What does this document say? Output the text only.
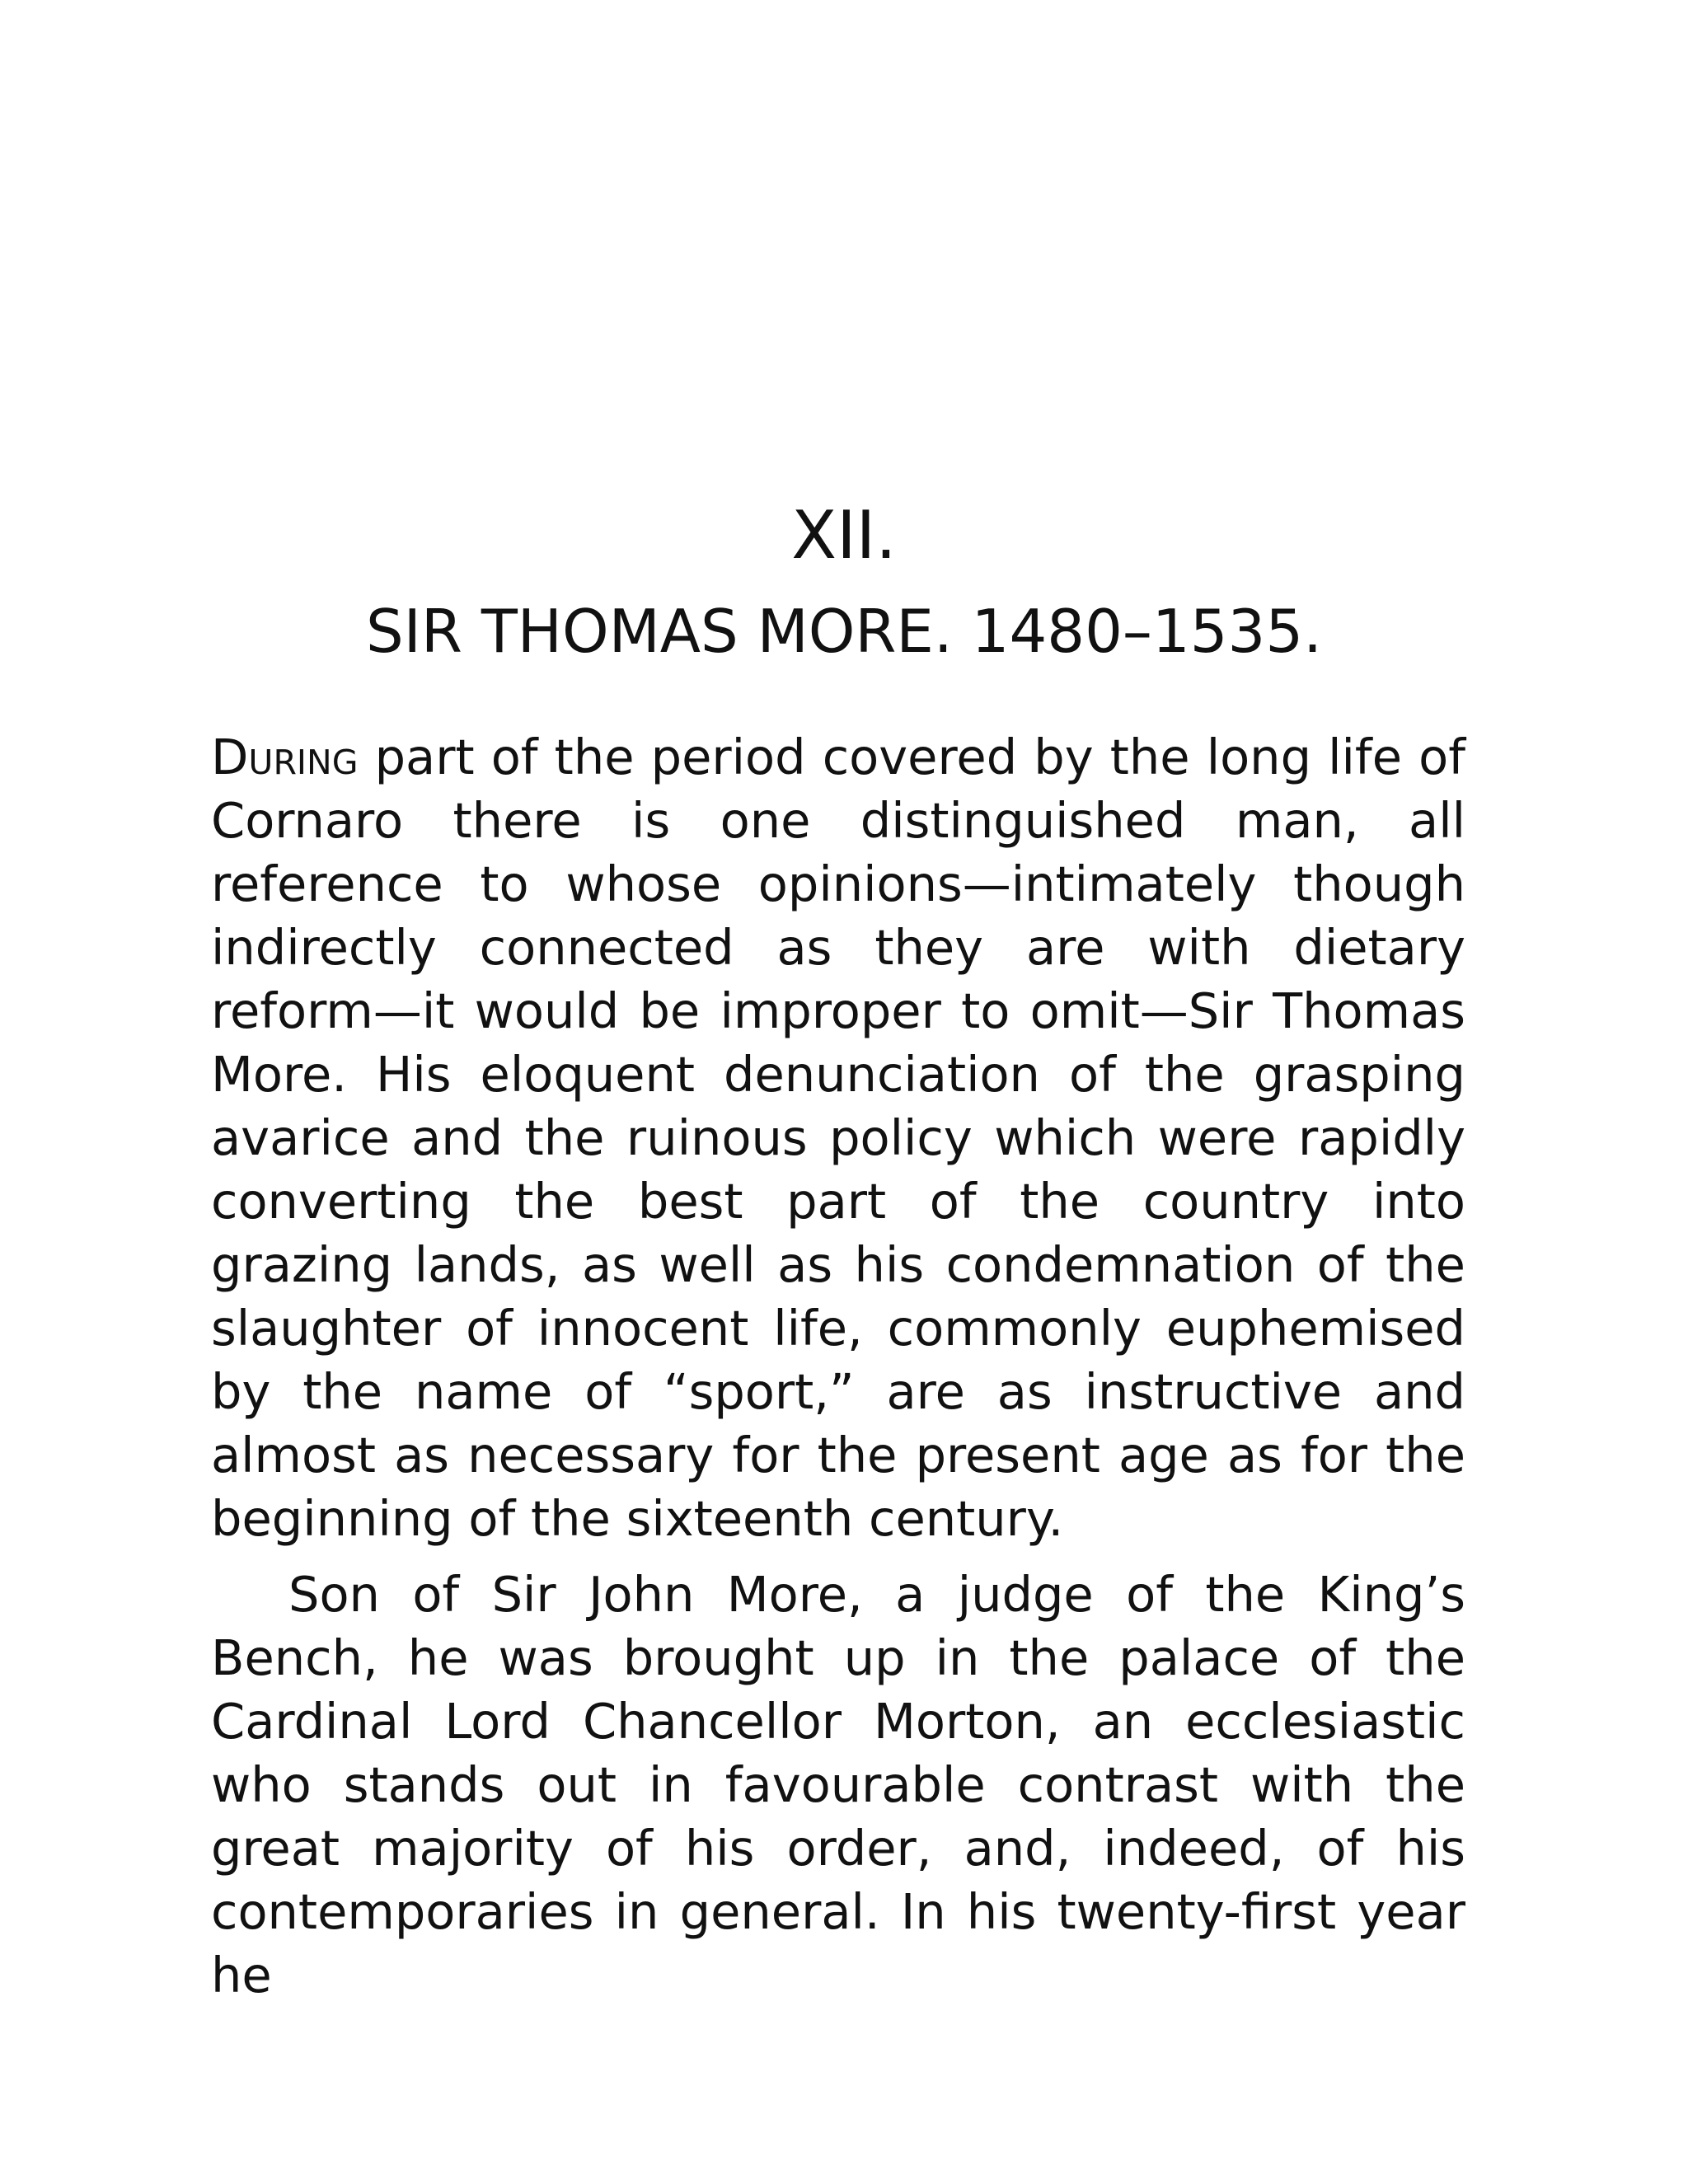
XII.
SIR THOMAS MORE. 1480–1535.

During part of the period covered by the long life of Cornaro there is one distinguished man, all reference to whose opinions—intimately though indirectly connected as they are with dietary reform—it would be improper to omit—Sir Thomas More. His eloquent denunciation of the grasping avarice and the ruinous policy which were rapidly converting the best part of the country into grazing lands, as well as his condemnation of the slaughter of innocent life, commonly euphemised by the name of “sport,” are as instructive and almost as necessary for the present age as for the beginning of the sixteenth century.

Son of Sir John More, a judge of the King’s Bench, he was brought up in the palace of the Cardinal Lord Chancellor Morton, an ecclesiastic who stands out in favourable contrast with the great majority of his order, and, indeed, of his contemporaries in general. In his twenty-first year he
